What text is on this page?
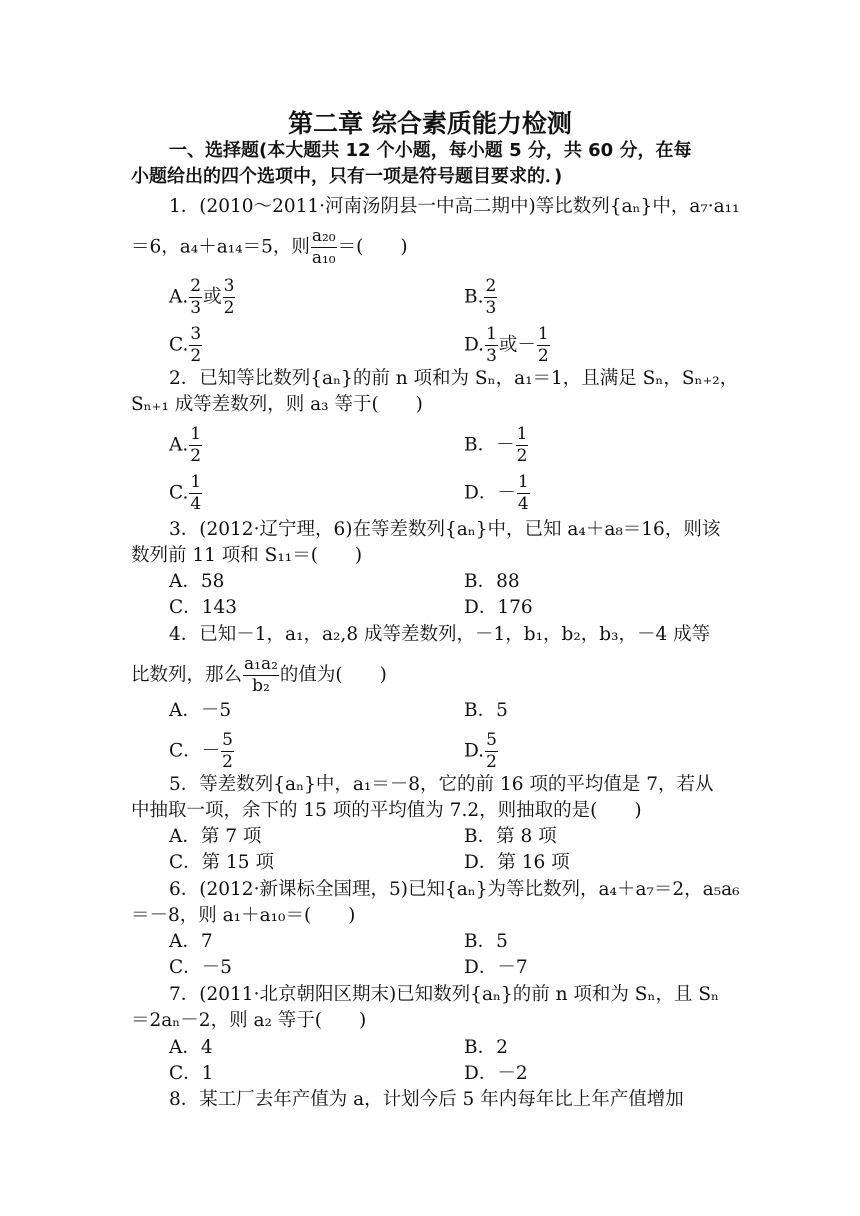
第二章 综合素质能力检测
一、选择题(本大题共 12 个小题，每小题 5 分，共 60 分，在每
小题给出的四个选项中，只有一项是符号题目要求的．)
1．(2010～2011·河南汤阴县一中高二期中)等比数列{aₙ}中，a₇·a₁₁
＝6，a₄＋a₁₄＝5，则 $\frac{\text{a₂₀}}{\text{a₁₀}}$ ＝(　　)
A. $\frac{2}{3}$ 或 $\frac{3}{2}$	B. $\frac{2}{3}$
C. $\frac{3}{2}$	D. $\frac{1}{3}$ 或－ $\frac{1}{2}$
2．已知等比数列{aₙ}的前 n 项和为 Sₙ，a₁＝1，且满足 Sₙ，Sₙ₊₂，
Sₙ₊₁ 成等差数列，则 a₃ 等于(　　)
A. $\frac{1}{2}$	B．－ $\frac{1}{2}$
C. $\frac{1}{4}$	D．－ $\frac{1}{4}$
3．(2012·辽宁理，6)在等差数列{aₙ}中，已知 a₄＋a₈＝16，则该
数列前 11 项和 S₁₁＝(　　)
A．58	B．88
C．143	D．176
4．已知－1，a₁，a₂,8 成等差数列，－1，b₁，b₂，b₃，－4 成等
比数列，那么 $\frac{\text{a₁a₂}}{\text{b₂}}$ 的值为(　　)
A．－5	B．5
C．－ $\frac{5}{2}$	D. $\frac{5}{2}$
5．等差数列{aₙ}中，a₁＝－8，它的前 16 项的平均值是 7，若从
中抽取一项，余下的 15 项的平均值为 7.2，则抽取的是(　　)
A．第 7 项	B．第 8 项
C．第 15 项	D．第 16 项
6．(2012·新课标全国理，5)已知{aₙ}为等比数列，a₄＋a₇＝2，a₅a₆
＝－8，则 a₁＋a₁₀＝(　　)
A．7	B．5
C．－5	D．－7
7．(2011·北京朝阳区期末)已知数列{aₙ}的前 n 项和为 Sₙ，且 Sₙ
＝2aₙ－2，则 a₂ 等于(　　)
A．4	B．2
C．1	D．－2
8．某工厂去年产值为 a，计划今后 5 年内每年比上年产值增加
